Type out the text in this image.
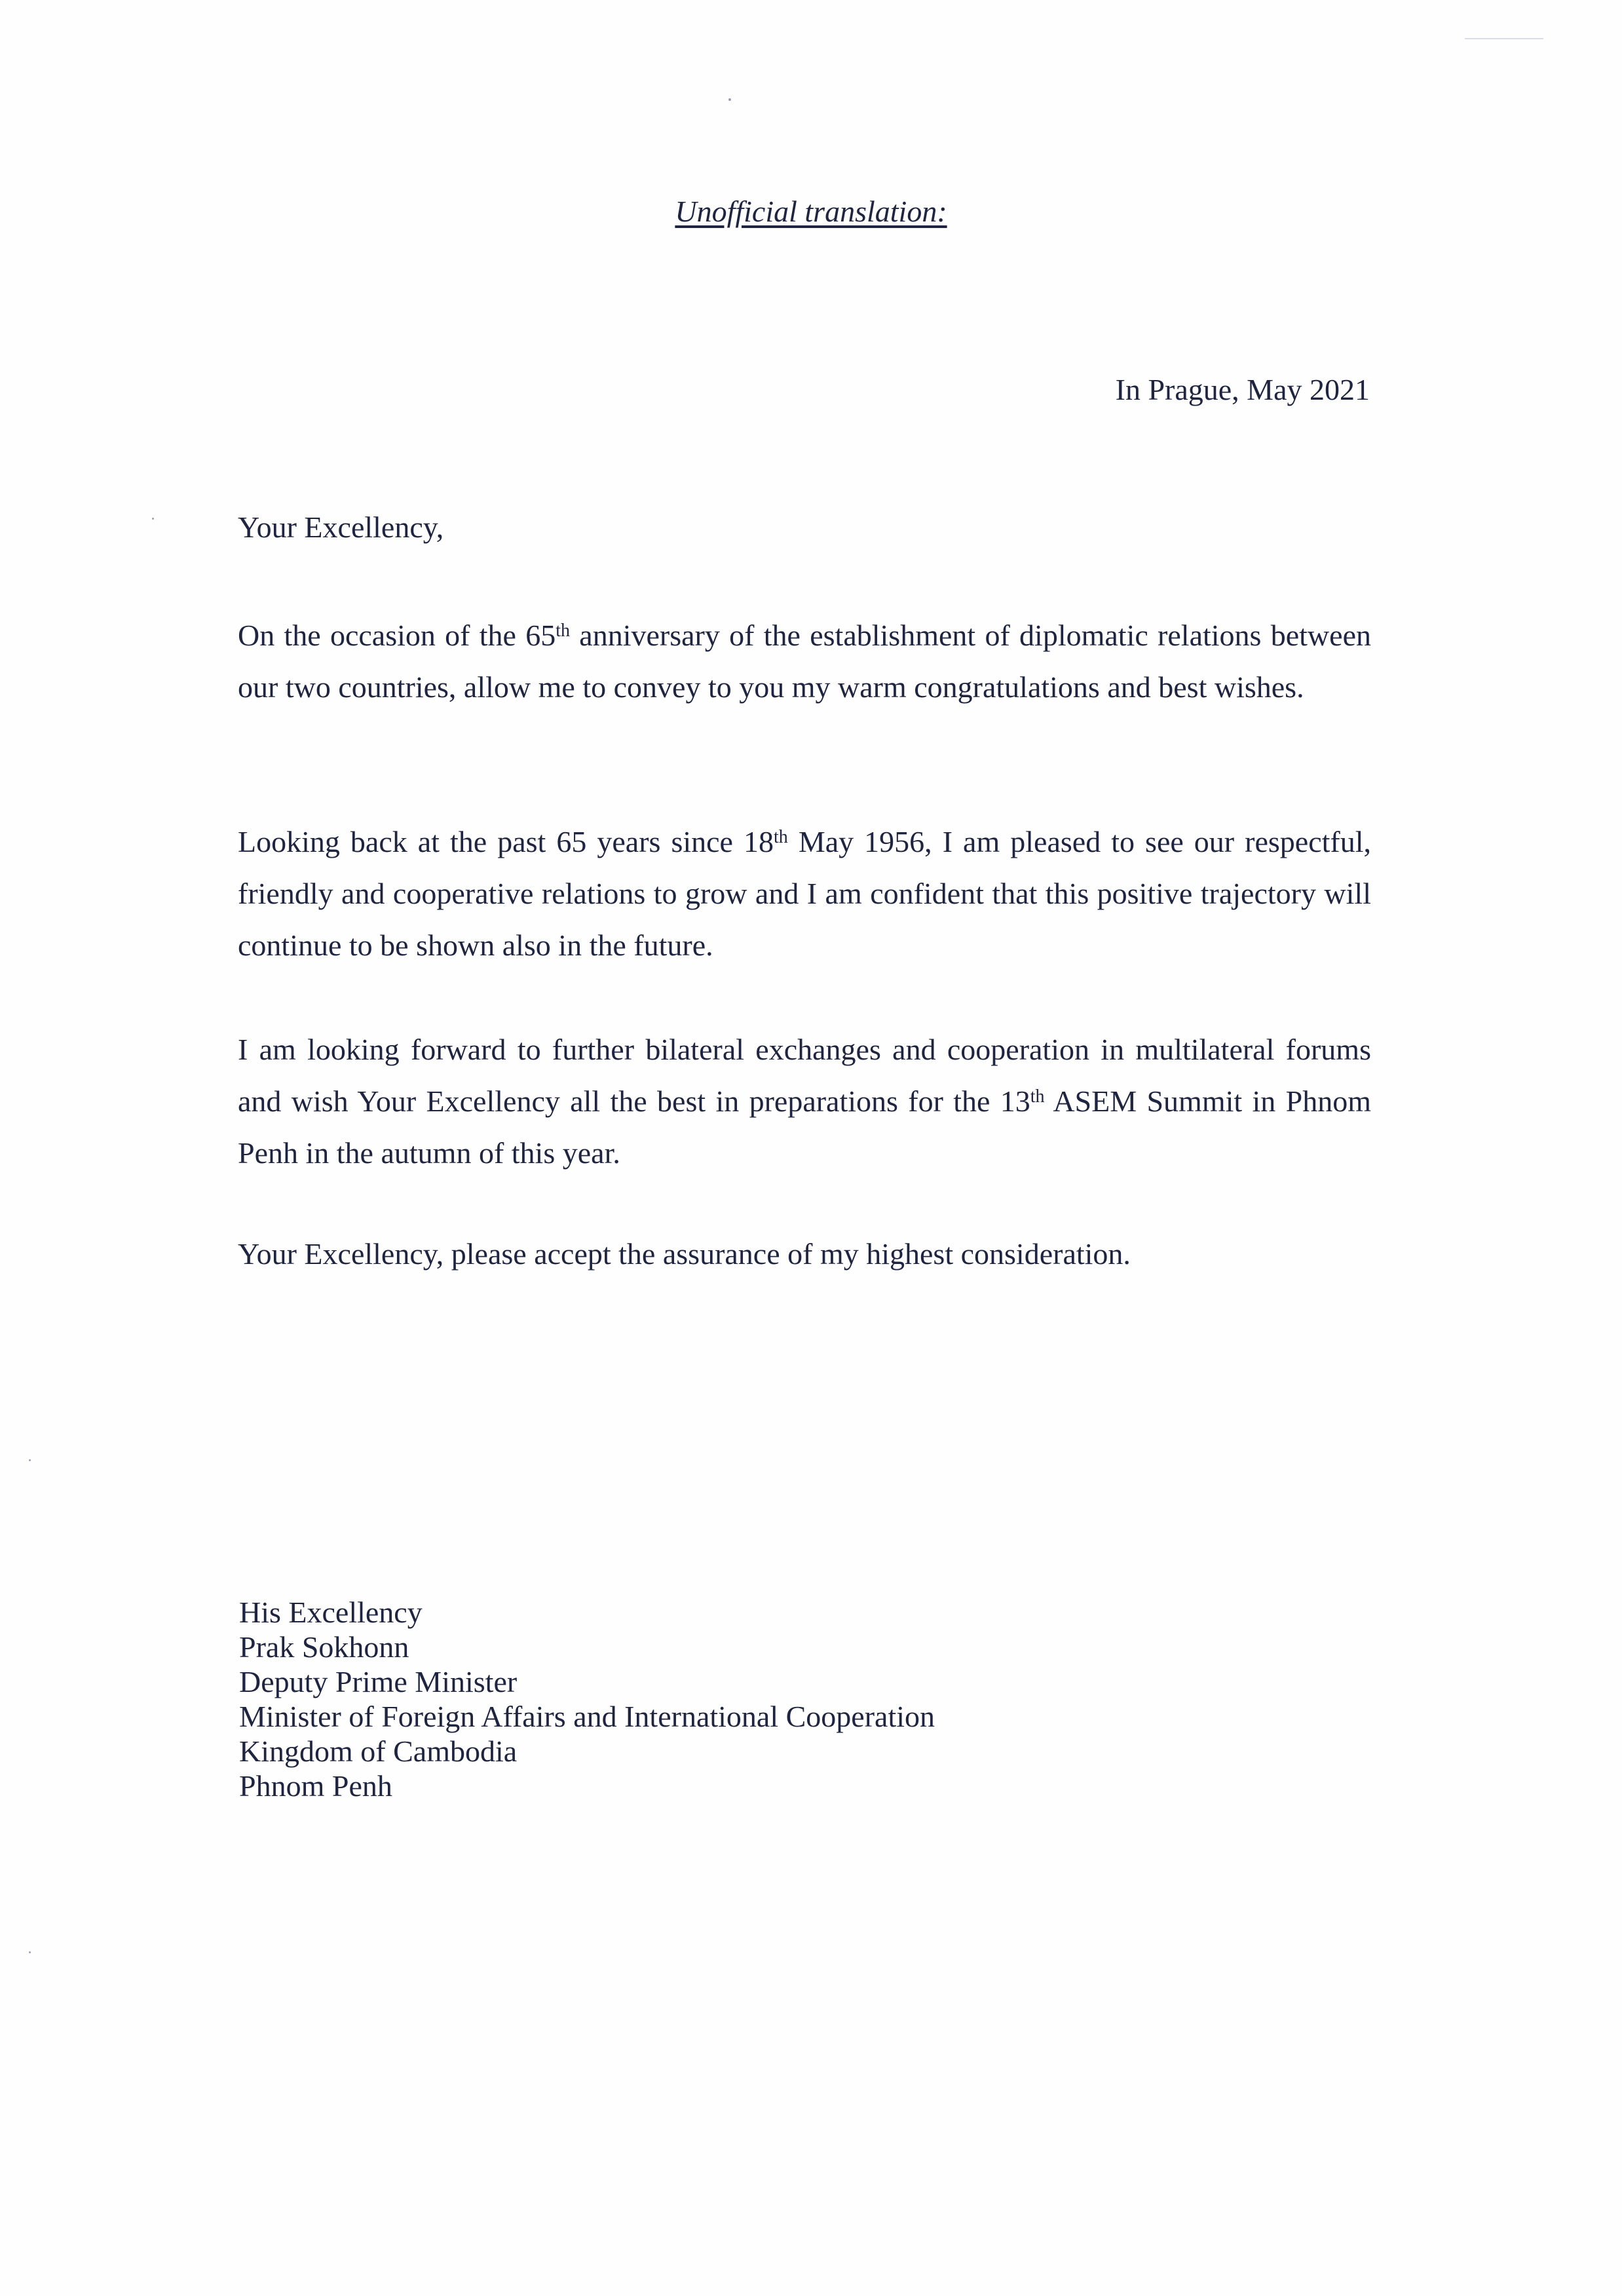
Unofficial translation:
In Prague, May 2021
Your Excellency,
On the occasion of the 65th anniversary of the establishment of diplomatic relations between our two countries, allow me to convey to you my warm congratulations and best wishes.
Looking back at the past 65 years since 18th May 1956, I am pleased to see our respectful, friendly and cooperative relations to grow and I am confident that this positive trajectory will continue to be shown also in the future.
I am looking forward to further bilateral exchanges and cooperation in multilateral forums and wish Your Excellency all the best in preparations for the 13th ASEM Summit in Phnom Penh in the autumn of this year.
Your Excellency, please accept the assurance of my highest consideration.
His Excellency
Prak Sokhonn
Deputy Prime Minister
Minister of Foreign Affairs and International Cooperation
Kingdom of Cambodia
Phnom Penh
